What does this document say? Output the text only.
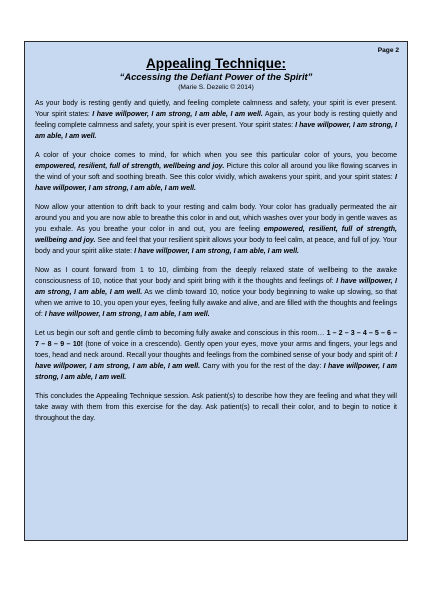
Page 2
Appealing Technique:
“Accessing the Defiant Power of the Spirit”
(Marie S. Dezelic © 2014)

As your body is resting gently and quietly, and feeling complete calmness and safety, your spirit is ever present. Your spirit states: I have willpower, I am strong, I am able, I am well. Again, as your body is resting quietly and feeling complete calmness and safety, your spirit is ever present. Your spirit states: I have willpower, I am strong, I am able, I am well.

A color of your choice comes to mind, for which when you see this particular color of yours, you become empowered, resilient, full of strength, wellbeing and joy. Picture this color all around you like flowing scarves in the wind of your soft and soothing breath. See this color vividly, which awakens your spirit, and your spirit states: I have willpower, I am strong, I am able, I am well.

Now allow your attention to drift back to your resting and calm body. Your color has gradually permeated the air around you and you are now able to breathe this color in and out, which washes over your body in gentle waves as you exhale. As you breathe your color in and out, you are feeling empowered, resilient, full of strength, wellbeing and joy. See and feel that your resilient spirit allows your body to feel calm, at peace, and full of joy. Your body and your spirit alike state: I have willpower, I am strong, I am able, I am well.

Now as I count forward from 1 to 10, climbing from the deeply relaxed state of wellbeing to the awake consciousness of 10, notice that your body and spirit bring with it the thoughts and feelings of: I have willpower, I am strong, I am able, I am well. As we climb toward 10, notice your body beginning to wake up slowing, so that when we arrive to 10, you open your eyes, feeling fully awake and alive, and are filled with the thoughts and feelings of: I have willpower, I am strong, I am able, I am well.

Let us begin our soft and gentle climb to becoming fully awake and conscious in this room… 1 – 2 – 3 – 4 – 5 – 6 – 7 – 8 – 9 – 10! (tone of voice in a crescendo). Gently open your eyes, move your arms and fingers, your legs and toes, head and neck around. Recall your thoughts and feelings from the combined sense of your body and spirit of: I have willpower, I am strong, I am able, I am well. Carry with you for the rest of the day: I have willpower, I am strong, I am able, I am well.

This concludes the Appealing Technique session. Ask patient(s) to describe how they are feeling and what they will take away with them from this exercise for the day. Ask patient(s) to recall their color, and to begin to notice it throughout the day.
